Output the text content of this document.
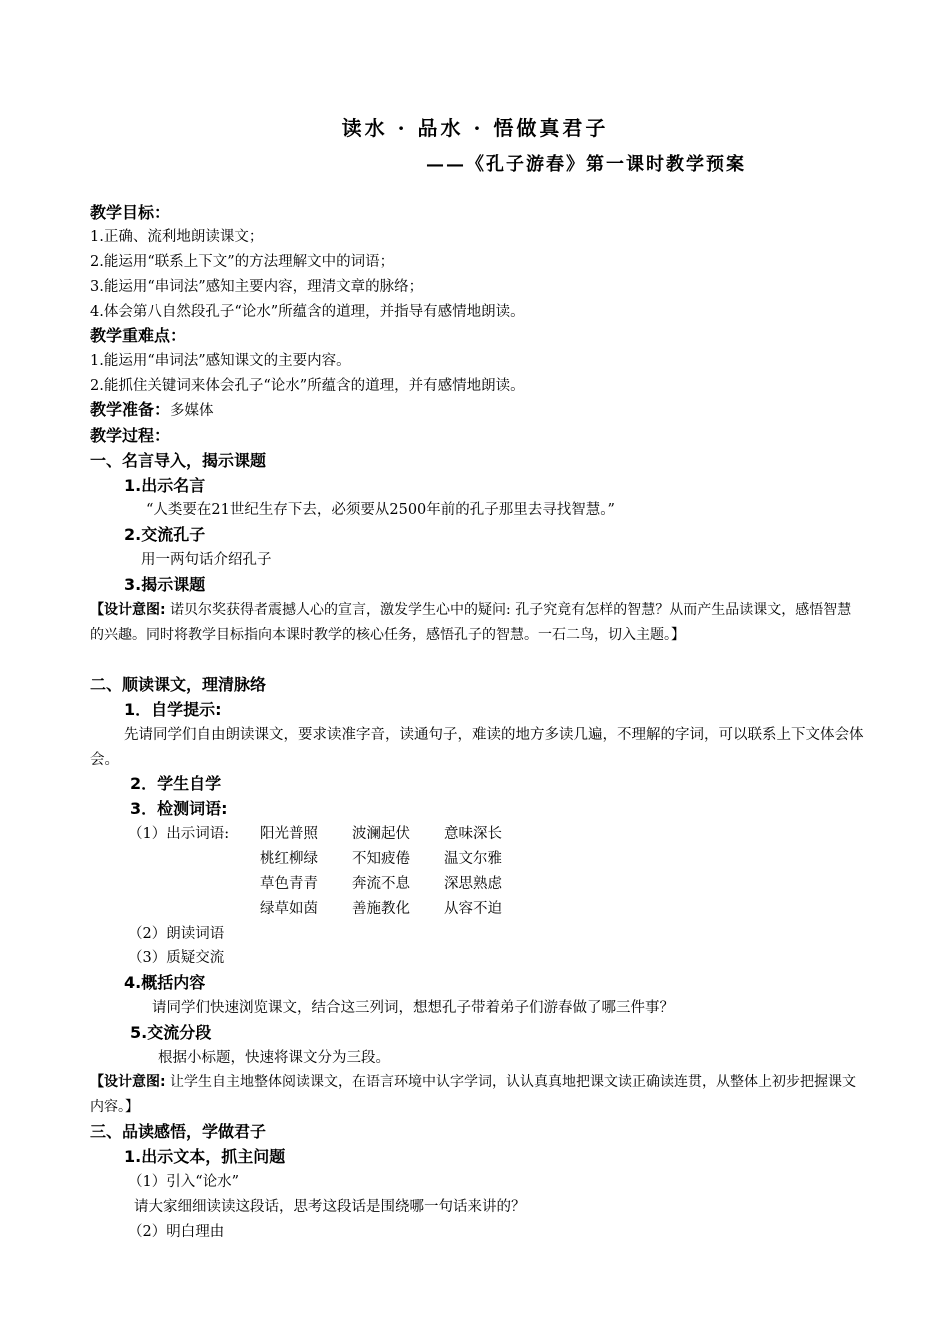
读水 · 品水 · 悟做真君子
——《孔子游春》第一课时教学预案
教学目标：
1.正确、流利地朗读课文；
2.能运用“联系上下文”的方法理解文中的词语；
3.能运用“串词法”感知主要内容，理清文章的脉络；
4.体会第八自然段孔子“论水”所蕴含的道理，并指导有感情地朗读。
教学重难点：
1.能运用“串词法”感知课文的主要内容。
2.能抓住关键词来体会孔子“论水”所蕴含的道理，并有感情地朗读。
教学准备：多媒体
教学过程：
一、名言导入，揭示课题
1.出示名言
“人类要在21世纪生存下去，必须要从2500年前的孔子那里去寻找智慧。”
2.交流孔子
用一两句话介绍孔子
3.揭示课题
【设计意图: 诺贝尔奖获得者震撼人心的宣言，激发学生心中的疑问: 孔子究竟有怎样的智慧？从而产生品读课文，感悟智慧的兴趣。同时将教学目标指向本课时教学的核心任务，感悟孔子的智慧。一石二鸟，切入主题。】
二、顺读课文，理清脉络
1．自学提示:
先请同学们自由朗读课文，要求读准字音，读通句子，难读的地方多读几遍，不理解的字词，可以联系上下文体会体会。
2．学生自学
3．检测词语:
（1）出示词语: 阳光普照 波澜起伏 意味深长
桃红柳绿 不知疲倦 温文尔雅
草色青青 奔流不息 深思熟虑
绿草如茵 善施教化 从容不迫
（2）朗读词语
（3）质疑交流
4.概括内容
请同学们快速浏览课文，结合这三列词，想想孔子带着弟子们游春做了哪三件事？
5.交流分段
根据小标题，快速将课文分为三段。
【设计意图: 让学生自主地整体阅读课文，在语言环境中认字学词，认认真真地把课文读正确读连贯，从整体上初步把握课文内容。】
三、品读感悟，学做君子
1.出示文本，抓主问题
（1）引入“论水”
请大家细细读读这段话，思考这段话是围绕哪一句话来讲的？
（2）明白理由
